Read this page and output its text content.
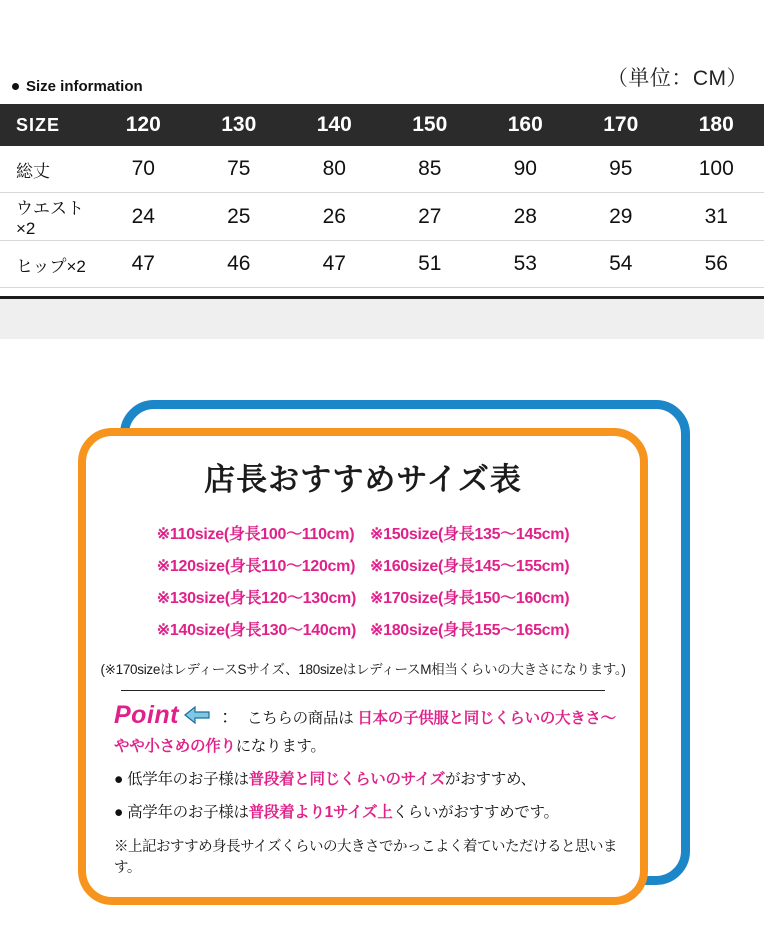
（単位：CM）
Size information
SIZE	120	130	140	150	160	170	180
総丈	70	75	80	85	90	95	100
ウエスト×2	24	25	26	27	28	29	31
ヒップ×2	47	46	47	51	53	54	56
店長おすすめサイズ表
※110size(身長100〜110cm)
※120size(身長110〜120cm)
※130size(身長120〜130cm)
※140size(身長130〜140cm)
※150size(身長135〜145cm)
※160size(身長145〜155cm)
※170size(身長150〜160cm)
※180size(身長155〜165cm)
(※170sizeはレディースSサイズ、180sizeはレディースM相当くらいの大きさになります。)
Point ： こちらの商品は 日本の子供服と同じくらいの大きさ〜
やや小さめの作りになります。
● 低学年のお子様は普段着と同じくらいのサイズがおすすめ、
● 高学年のお子様は普段着より1サイズ上くらいがおすすめです。
※上記おすすめ身長サイズくらいの大きさでかっこよく着ていただけると思います。
